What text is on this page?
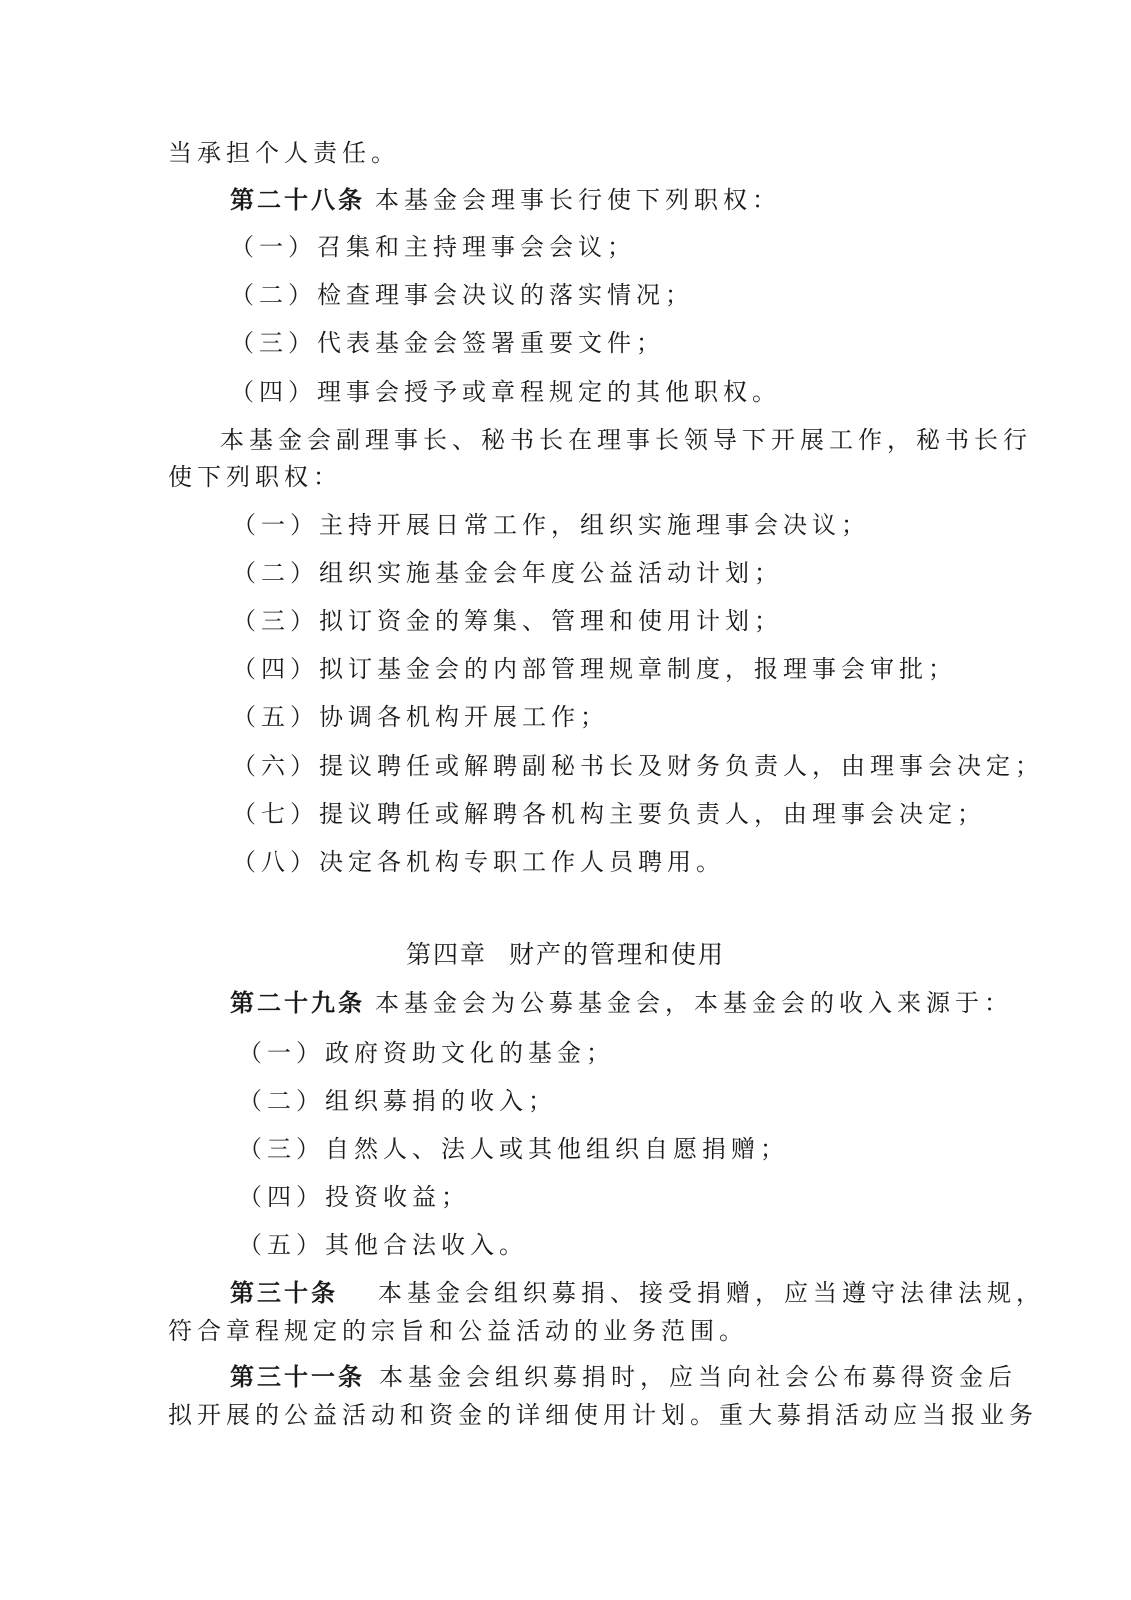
当承担个人责任。
第二十八条 本基金会理事长行使下列职权：
（一）召集和主持理事会会议；
（二）检查理事会决议的落实情况；
（三）代表基金会签署重要文件；
（四）理事会授予或章程规定的其他职权。
本基金会副理事长、秘书长在理事长领导下开展工作，秘书长行
使下列职权：
（一）主持开展日常工作，组织实施理事会决议；
（二）组织实施基金会年度公益活动计划；
（三）拟订资金的筹集、管理和使用计划；
（四）拟订基金会的内部管理规章制度，报理事会审批；
（五）协调各机构开展工作；
（六）提议聘任或解聘副秘书长及财务负责人，由理事会决定；
（七）提议聘任或解聘各机构主要负责人，由理事会决定；
（八）决定各机构专职工作人员聘用。
第四章 财产的管理和使用
第二十九条 本基金会为公募基金会，本基金会的收入来源于：
（一）政府资助文化的基金；
（二）组织募捐的收入；
（三）自然人、法人或其他组织自愿捐赠；
（四）投资收益；
（五）其他合法收入。
第三十条 本基金会组织募捐、接受捐赠，应当遵守法律法规，
符合章程规定的宗旨和公益活动的业务范围。
第三十一条 本基金会组织募捐时，应当向社会公布募得资金后
拟开展的公益活动和资金的详细使用计划。重大募捐活动应当报业务
